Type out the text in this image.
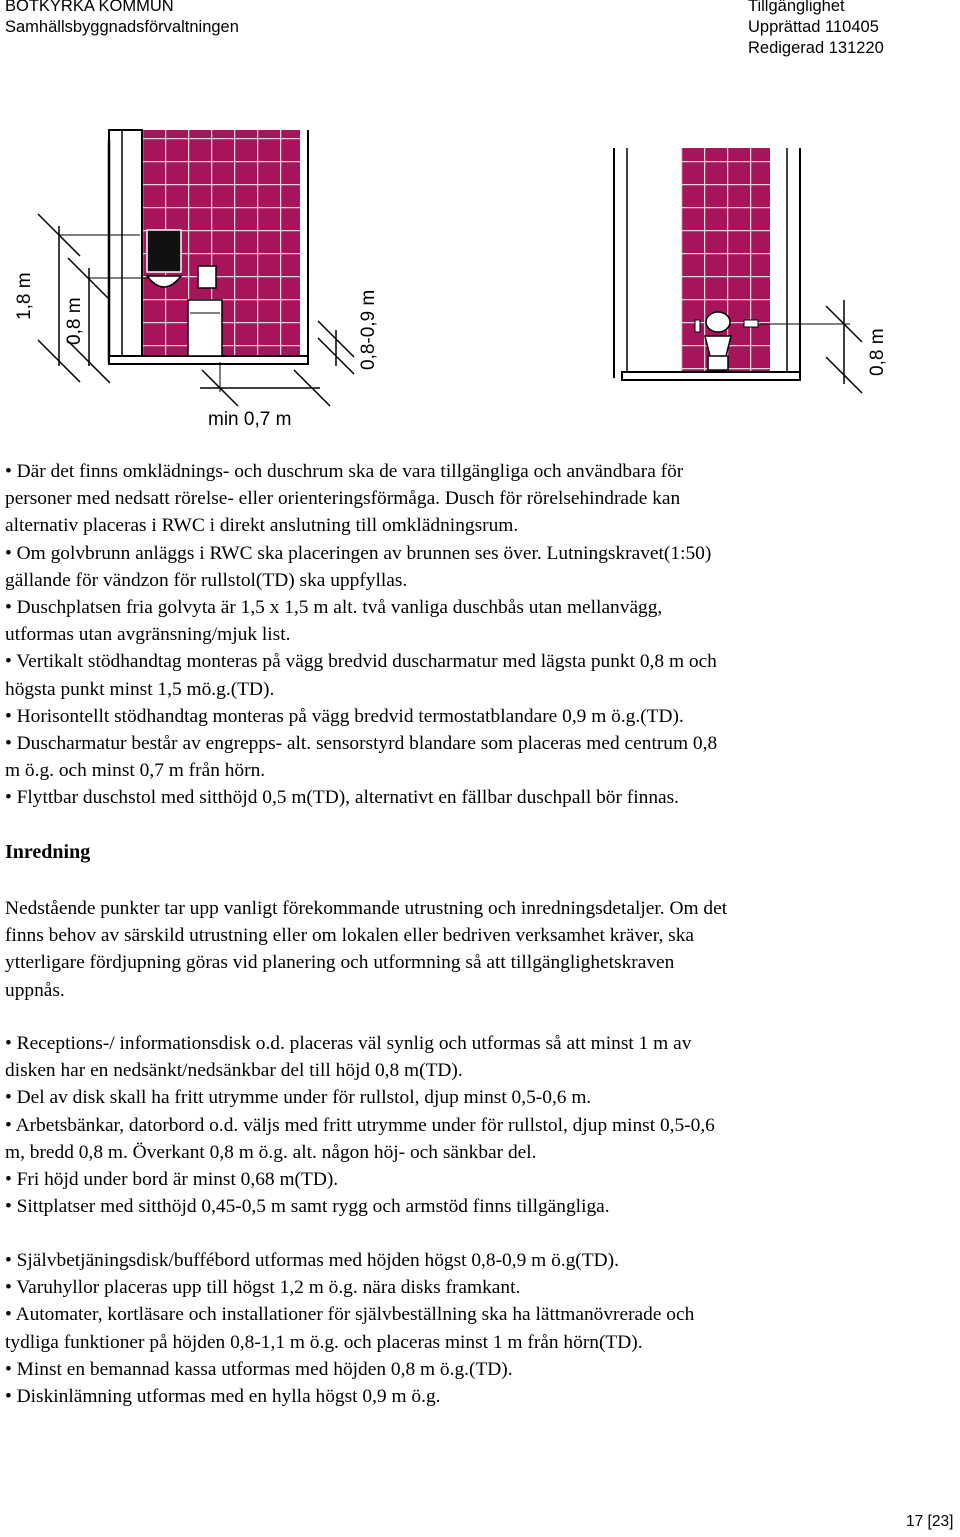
BOTKYRKA KOMMUN
Samhällsbyggnadsförvaltningen
Tillgänglighet
Upprättad 110405
Redigerad 131220
1,8 m
0,8 m	0,8-0,9 m
min 0,7 m
0,8 m

• Där det finns omklädnings- och duschrum ska de vara tillgängliga och användbara för

personer med nedsatt rörelse- eller orienteringsförmåga. Dusch för rörelsehindrade kan

alternativ placeras i RWC i direkt anslutning till omklädningsrum.

• Om golvbrunn anläggs i RWC ska placeringen av brunnen ses över. Lutningskravet(1:50)

gällande för vändzon för rullstol(TD) ska uppfyllas.

• Duschplatsen fria golvyta är 1,5 x 1,5 m alt. två vanliga duschbås utan mellanvägg,

utformas utan avgränsning/mjuk list.

• Vertikalt stödhandtag monteras på vägg bredvid duscharmatur med lägsta punkt 0,8 m och

högsta punkt minst 1,5 mö.g.(TD).

• Horisontellt stödhandtag monteras på vägg bredvid termostatblandare 0,9 m ö.g.(TD).

• Duscharmatur består av engrepps- alt. sensorstyrd blandare som placeras med centrum 0,8

m ö.g. och minst 0,7 m från hörn.

• Flyttbar duschstol med sitthöjd 0,5 m(TD), alternativt en fällbar duschpall bör finnas.

Inredning

Nedstående punkter tar upp vanligt förekommande utrustning och inredningsdetaljer. Om det

finns behov av särskild utrustning eller om lokalen eller bedriven verksamhet kräver, ska

ytterligare fördjupning göras vid planering och utformning så att tillgänglighetskraven

uppnås.

• Receptions-/ informationsdisk o.d. placeras väl synlig och utformas så att minst 1 m av

disken har en nedsänkt/nedsänkbar del till höjd 0,8 m(TD).

• Del av disk skall ha fritt utrymme under för rullstol, djup minst 0,5-0,6 m.

• Arbetsbänkar, datorbord o.d. väljs med fritt utrymme under för rullstol, djup minst 0,5-0,6

m, bredd 0,8 m. Överkant 0,8 m ö.g. alt. någon höj- och sänkbar del.

• Fri höjd under bord är minst 0,68 m(TD).

• Sittplatser med sitthöjd 0,45-0,5 m samt rygg och armstöd finns tillgängliga.

• Självbetjäningsdisk/buffébord utformas med höjden högst 0,8-0,9 m ö.g(TD).

• Varuhyllor placeras upp till högst 1,2 m ö.g. nära disks framkant.

• Automater, kortläsare och installationer för självbeställning ska ha lättmanövrerade och

tydliga funktioner på höjden 0,8-1,1 m ö.g. och placeras minst 1 m från hörn(TD).

• Minst en bemannad kassa utformas med höjden 0,8 m ö.g.(TD).

• Diskinlämning utformas med en hylla högst 0,9 m ö.g.

17 [23]
